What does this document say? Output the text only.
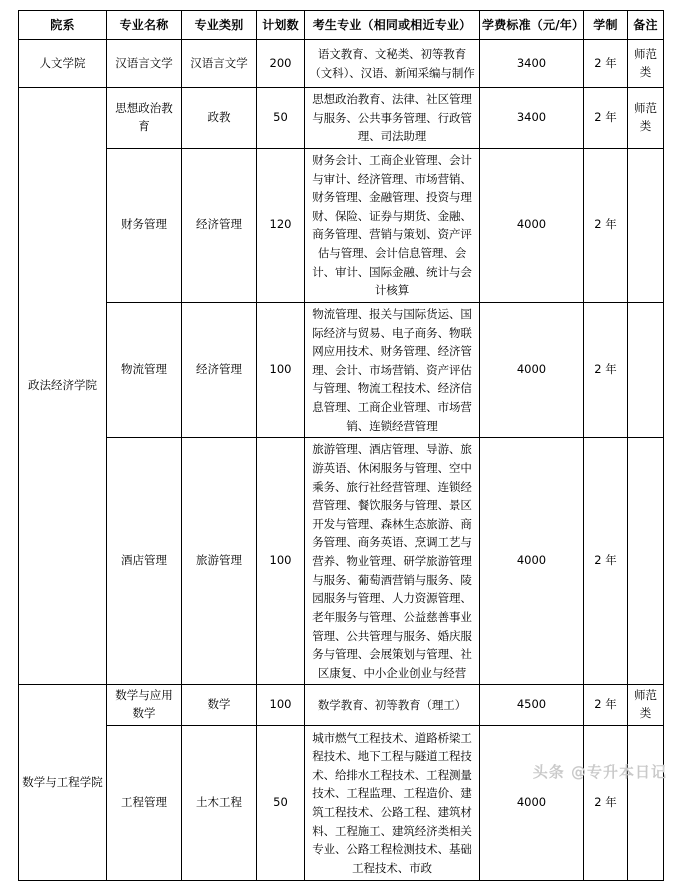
院系	专业名称	专业类别	计划数	考生专业（相同或相近专业）	学费标准（元/年）	学制	备注
人文学院	汉语言文学	汉语言文学	200	语文教育、文秘类、初等教育（文科）、汉语、新闻采编与制作	3400	2 年	师范类
政法经济学院	思想政治教育	政教	50	思想政治教育、法律、社区管理与服务、公共事务管理、行政管理、司法助理	3400	2 年	师范类
	财务管理	经济管理	120	财务会计、工商企业管理、会计与审计、经济管理、市场营销、财务管理、金融管理、投资与理财、保险、证券与期货、金融、商务管理、营销与策划、资产评估与管理、会计信息管理、会计、审计、国际金融、统计与会计核算	4000	2 年	
	物流管理	经济管理	100	物流管理、报关与国际货运、国际经济与贸易、电子商务、物联网应用技术、财务管理、经济管理、会计、市场营销、资产评估与管理、物流工程技术、经济信息管理、工商企业管理、市场营销、连锁经营管理	4000	2 年	
	酒店管理	旅游管理	100	旅游管理、酒店管理、导游、旅游英语、休闲服务与管理、空中乘务、旅行社经营管理、连锁经营管理、餐饮服务与管理、景区开发与管理、森林生态旅游、商务管理、商务英语、烹调工艺与营养、物业管理、研学旅游管理与服务、葡萄酒营销与服务、陵园服务与管理、人力资源管理、老年服务与管理、公益慈善事业管理、公共管理与服务、婚庆服务与管理、会展策划与管理、社区康复、中小企业创业与经营	4000	2 年	
数学与工程学院	数学与应用数学	数学	100	数学教育、初等教育（理工）	4500	2 年	师范类
	工程管理	土木工程	50	城市燃气工程技术、道路桥梁工程技术、地下工程与隧道工程技术、给排水工程技术、工程测量技术、工程监理、工程造价、建筑工程技术、公路工程、建筑材料、工程施工、建筑经济类相关专业、公路工程检测技术、基础工程技术、市政	4000	2 年	
头条 @专升本日记
